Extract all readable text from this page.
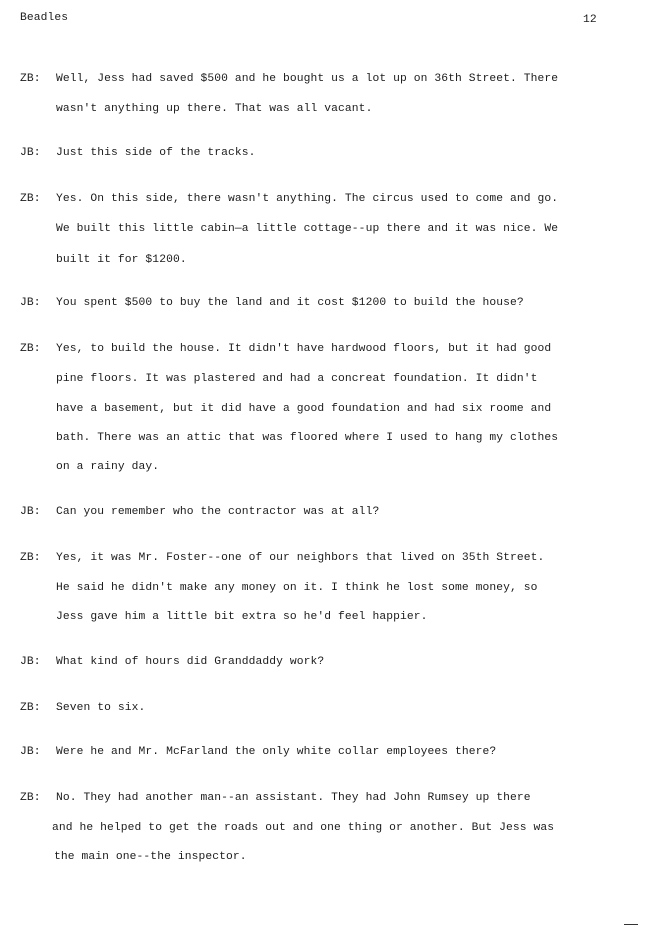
Beadles	12
ZB: Well, Jess had saved $500 and he bought us a lot up on 36th Street. There
wasn't anything up there. That was all vacant.
JB: Just this side of the tracks.
ZB: Yes. On this side, there wasn't anything. The circus used to come and go.
We built this little cabin—a little cottage--up there and it was nice. We
built it for $1200.
JB: You spent $500 to buy the land and it cost $1200 to build the house?
ZB: Yes, to build the house. It didn't have hardwood floors, but it had good
pine floors. It was plastered and had a concreat foundation. It didn't
have a basement, but it did have a good foundation and had six roome and
bath. There was an attic that was floored where I used to hang my clothes
on a rainy day.
JB: Can you remember who the contractor was at all?
ZB: Yes, it was Mr. Foster--one of our neighbors that lived on 35th Street.
He said he didn't make any money on it. I think he lost some money, so
Jess gave him a little bit extra so he'd feel happier.
JB: What kind of hours did Granddaddy work?
ZB: Seven to six.
JB: Were he and Mr. McFarland the only white collar employees there?
ZB: No. They had another man--an assistant. They had John Rumsey up there
and he helped to get the roads out and one thing or another. But Jess was
the main one--the inspector.
